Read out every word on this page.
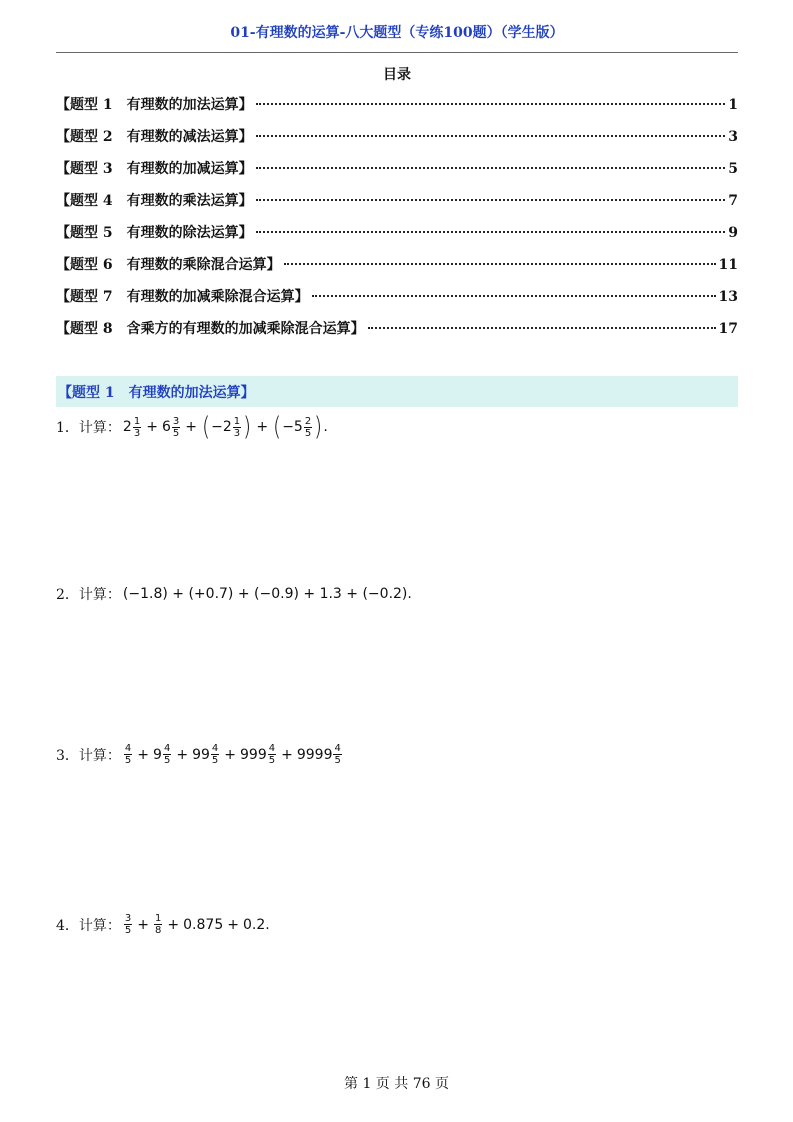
01-有理数的运算-八大题型（专练100题）（学生版）
目录
【题型 1　有理数的加法运算】	1
【题型 2　有理数的减法运算】	3
【题型 3　有理数的加减运算】	5
【题型 4　有理数的乘法运算】	7
【题型 5　有理数的除法运算】	9
【题型 6　有理数的乘除混合运算】	11
【题型 7　有理数的加减乘除混合运算】	13
【题型 8　含乘方的有理数的加减乘除混合运算】	17
【题型 1　有理数的加法运算】
1． 计算： $2 \frac{1}{3} + 6 \frac{3}{5}$ + ( $-2 \frac{1}{3}$ ) + ( $-5 \frac{2}{5}$ ) .
2． 计算： (−1.8) + (+0.7) + (−0.9) + 1.3 + (−0.2).
3． 计算： $\frac{4}{5} + 9 \frac{4}{5} + 99 \frac{4}{5} + 999 \frac{4}{5} + 9999 \frac{4}{5}$
4． 计算： $\frac{3}{5} + \frac{1}{8} + 0.875 + 0.2$ .
第 1 页 共 76 页
